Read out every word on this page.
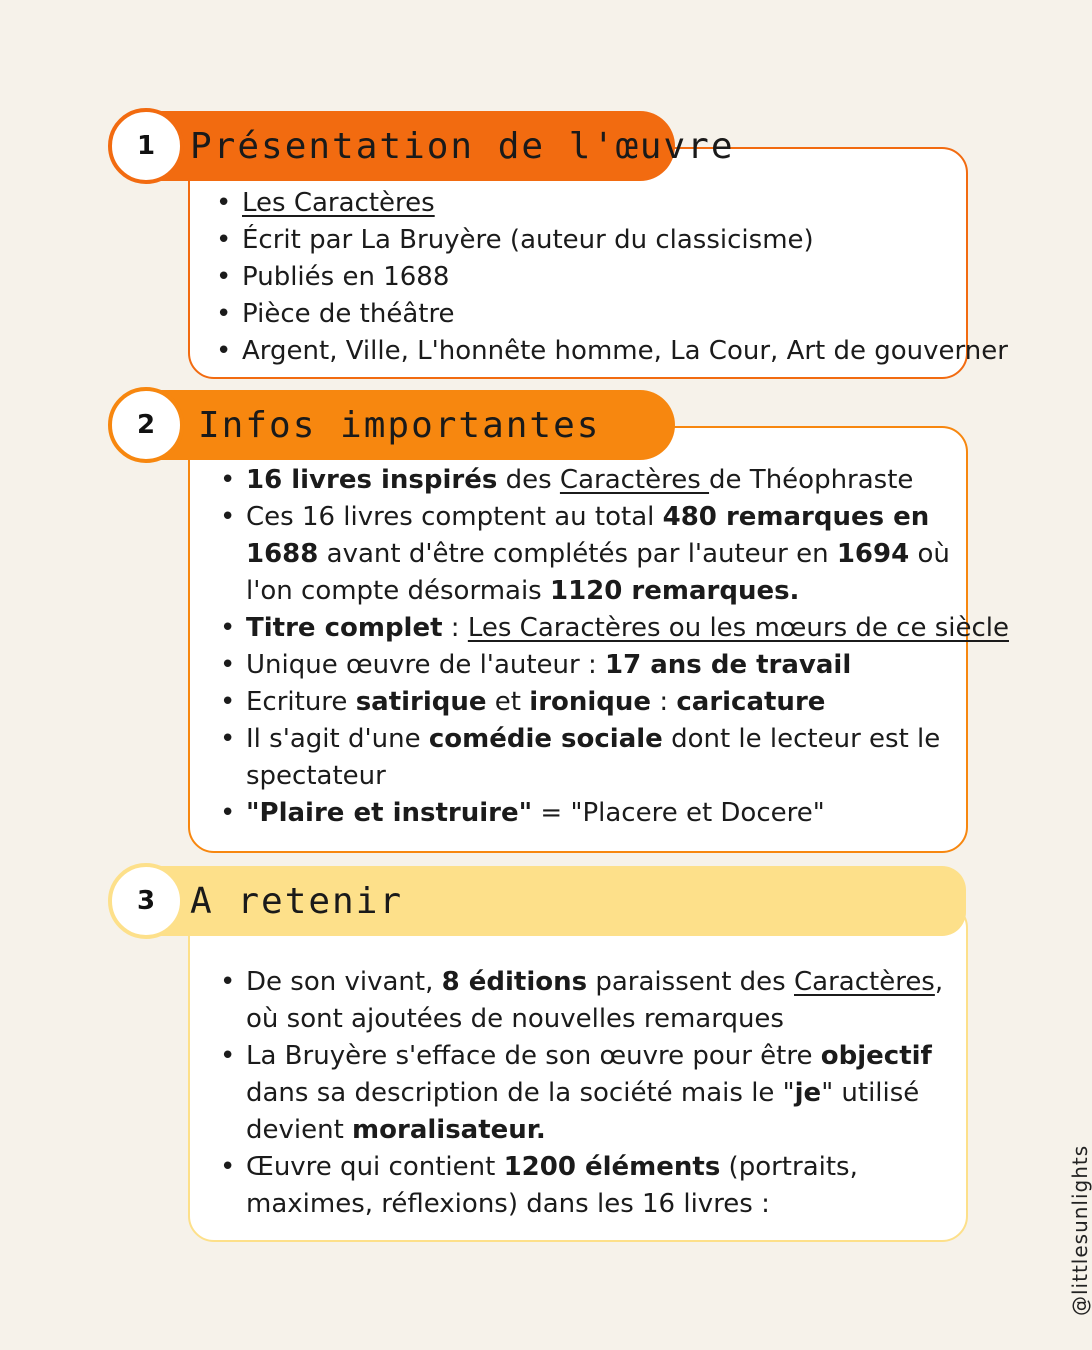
• Les Caractères
• Écrit par La Bruyère (auteur du classicisme)
• Publiés en 1688
• Pièce de théâtre
• Argent, Ville, L'honnête homme, La Cour, Art de gouverner
Présentation de l'œuvre
1
• 16 livres inspirés des Caractères de Théophraste
• Ces 16 livres comptent au total 480 remarques en 1688 avant d'être complétés par l'auteur en 1694 où l'on compte désormais 1120 remarques.
• Titre complet : Les Caractères ou les mœurs de ce siècle
• Unique œuvre de l'auteur : 17 ans de travail
• Ecriture satirique et ironique : caricature
• Il s'agit d'une comédie sociale dont le lecteur est le spectateur
• "Plaire et instruire" = "Placere et Docere"
Infos importantes
2
• De son vivant, 8 éditions paraissent des Caractères, où sont ajoutées de nouvelles remarques
• La Bruyère s'efface de son œuvre pour être objectif dans sa description de la société mais le "je" utilisé devient moralisateur.
• Œuvre qui contient 1200 éléments (portraits, maximes, réflexions) dans les 16 livres :
A retenir
3
@littlesunlights
